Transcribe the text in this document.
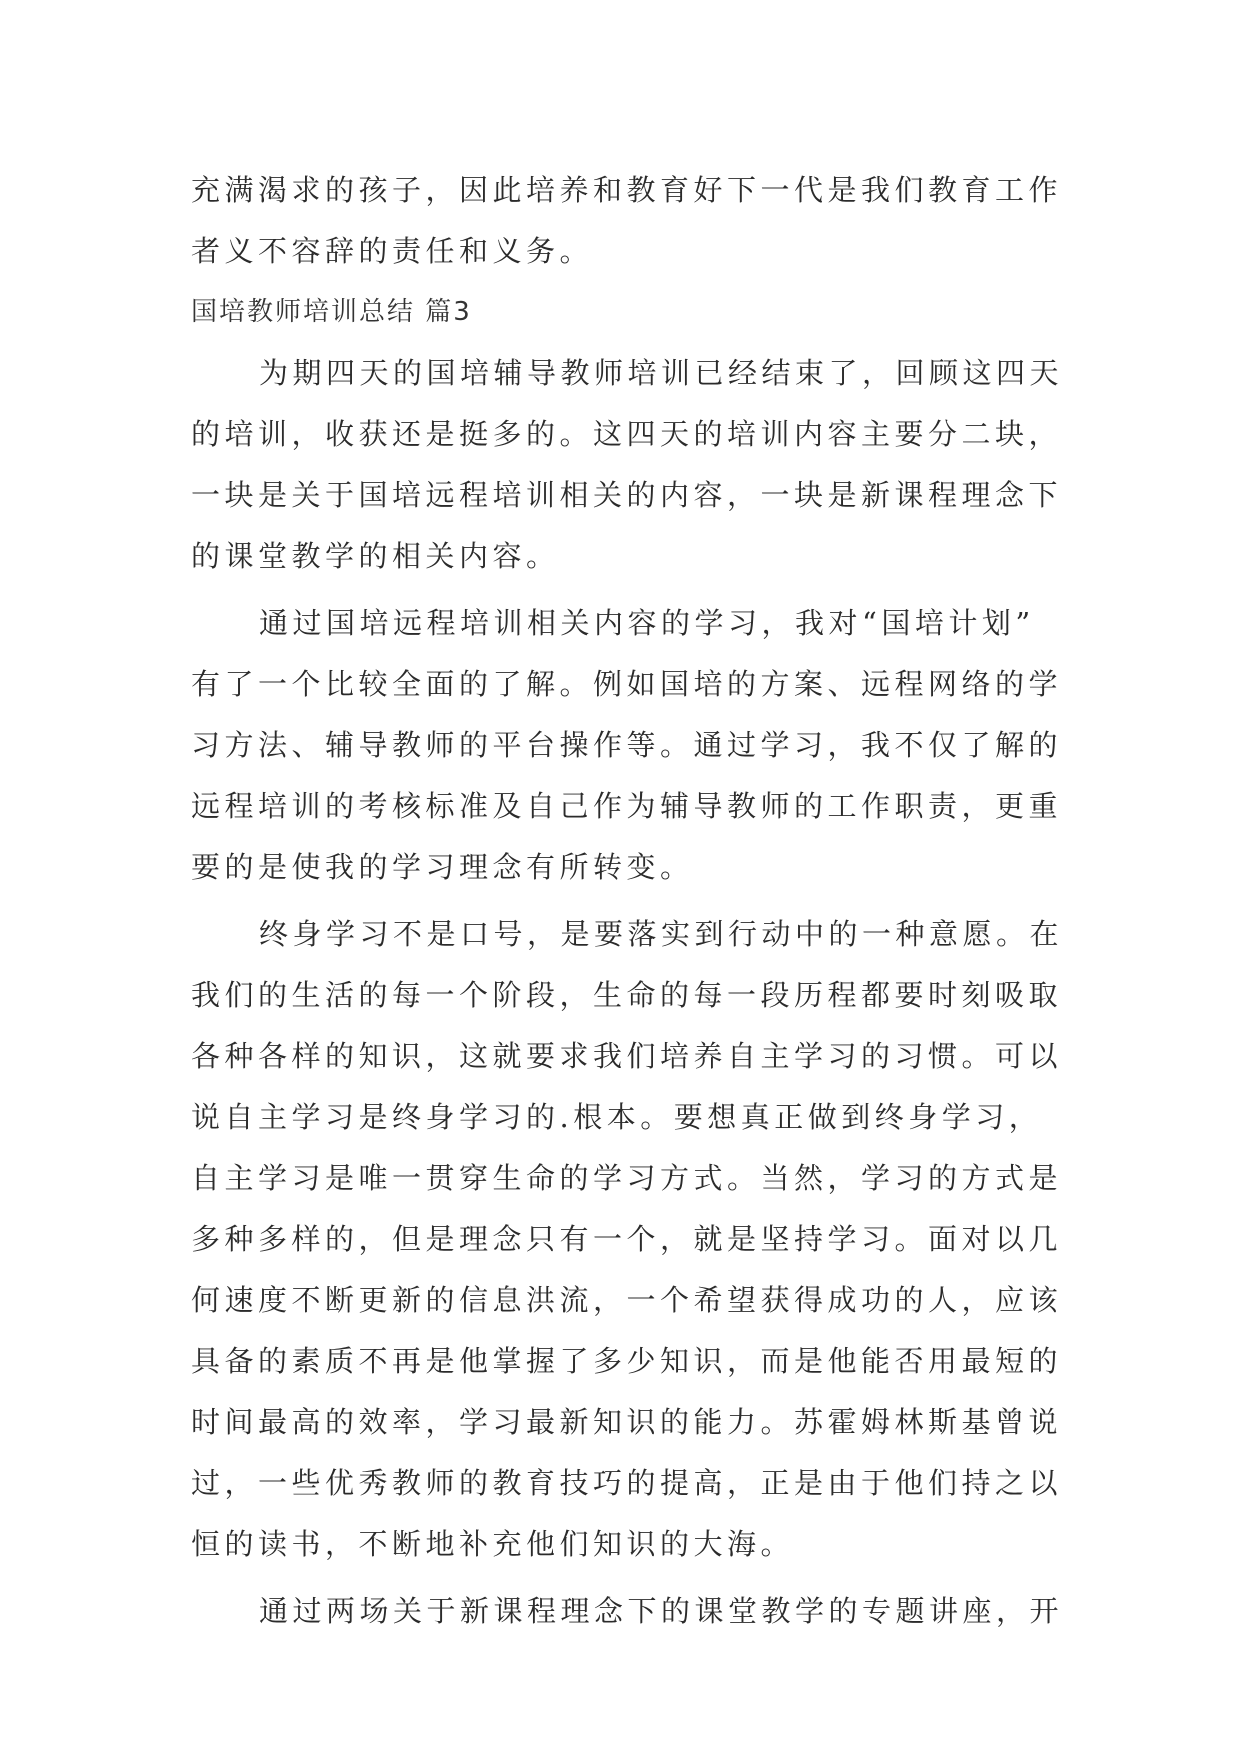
充满渴求的孩子，因此培养和教育好下一代是我们教育工作
者义不容辞的责任和义务。
国培教师培训总结 篇3
为期四天的国培辅导教师培训已经结束了，回顾这四天
的培训，收获还是挺多的。这四天的培训内容主要分二块，
一块是关于国培远程培训相关的内容，一块是新课程理念下
的课堂教学的相关内容。
通过国培远程培训相关内容的学习，我对“国培计划”
有了一个比较全面的了解。例如国培的方案、远程网络的学
习方法、辅导教师的平台操作等。通过学习，我不仅了解的
远程培训的考核标准及自己作为辅导教师的工作职责，更重
要的是使我的学习理念有所转变。
终身学习不是口号，是要落实到行动中的一种意愿。在
我们的生活的每一个阶段，生命的每一段历程都要时刻吸取
各种各样的知识，这就要求我们培养自主学习的习惯。可以
说自主学习是终身学习的.根本。要想真正做到终身学习，
自主学习是唯一贯穿生命的学习方式。当然，学习的方式是
多种多样的，但是理念只有一个，就是坚持学习。面对以几
何速度不断更新的信息洪流，一个希望获得成功的人，应该
具备的素质不再是他掌握了多少知识，而是他能否用最短的
时间最高的效率，学习最新知识的能力。苏霍姆林斯基曾说
过，一些优秀教师的教育技巧的提高，正是由于他们持之以
恒的读书，不断地补充他们知识的大海。
通过两场关于新课程理念下的课堂教学的专题讲座，开
